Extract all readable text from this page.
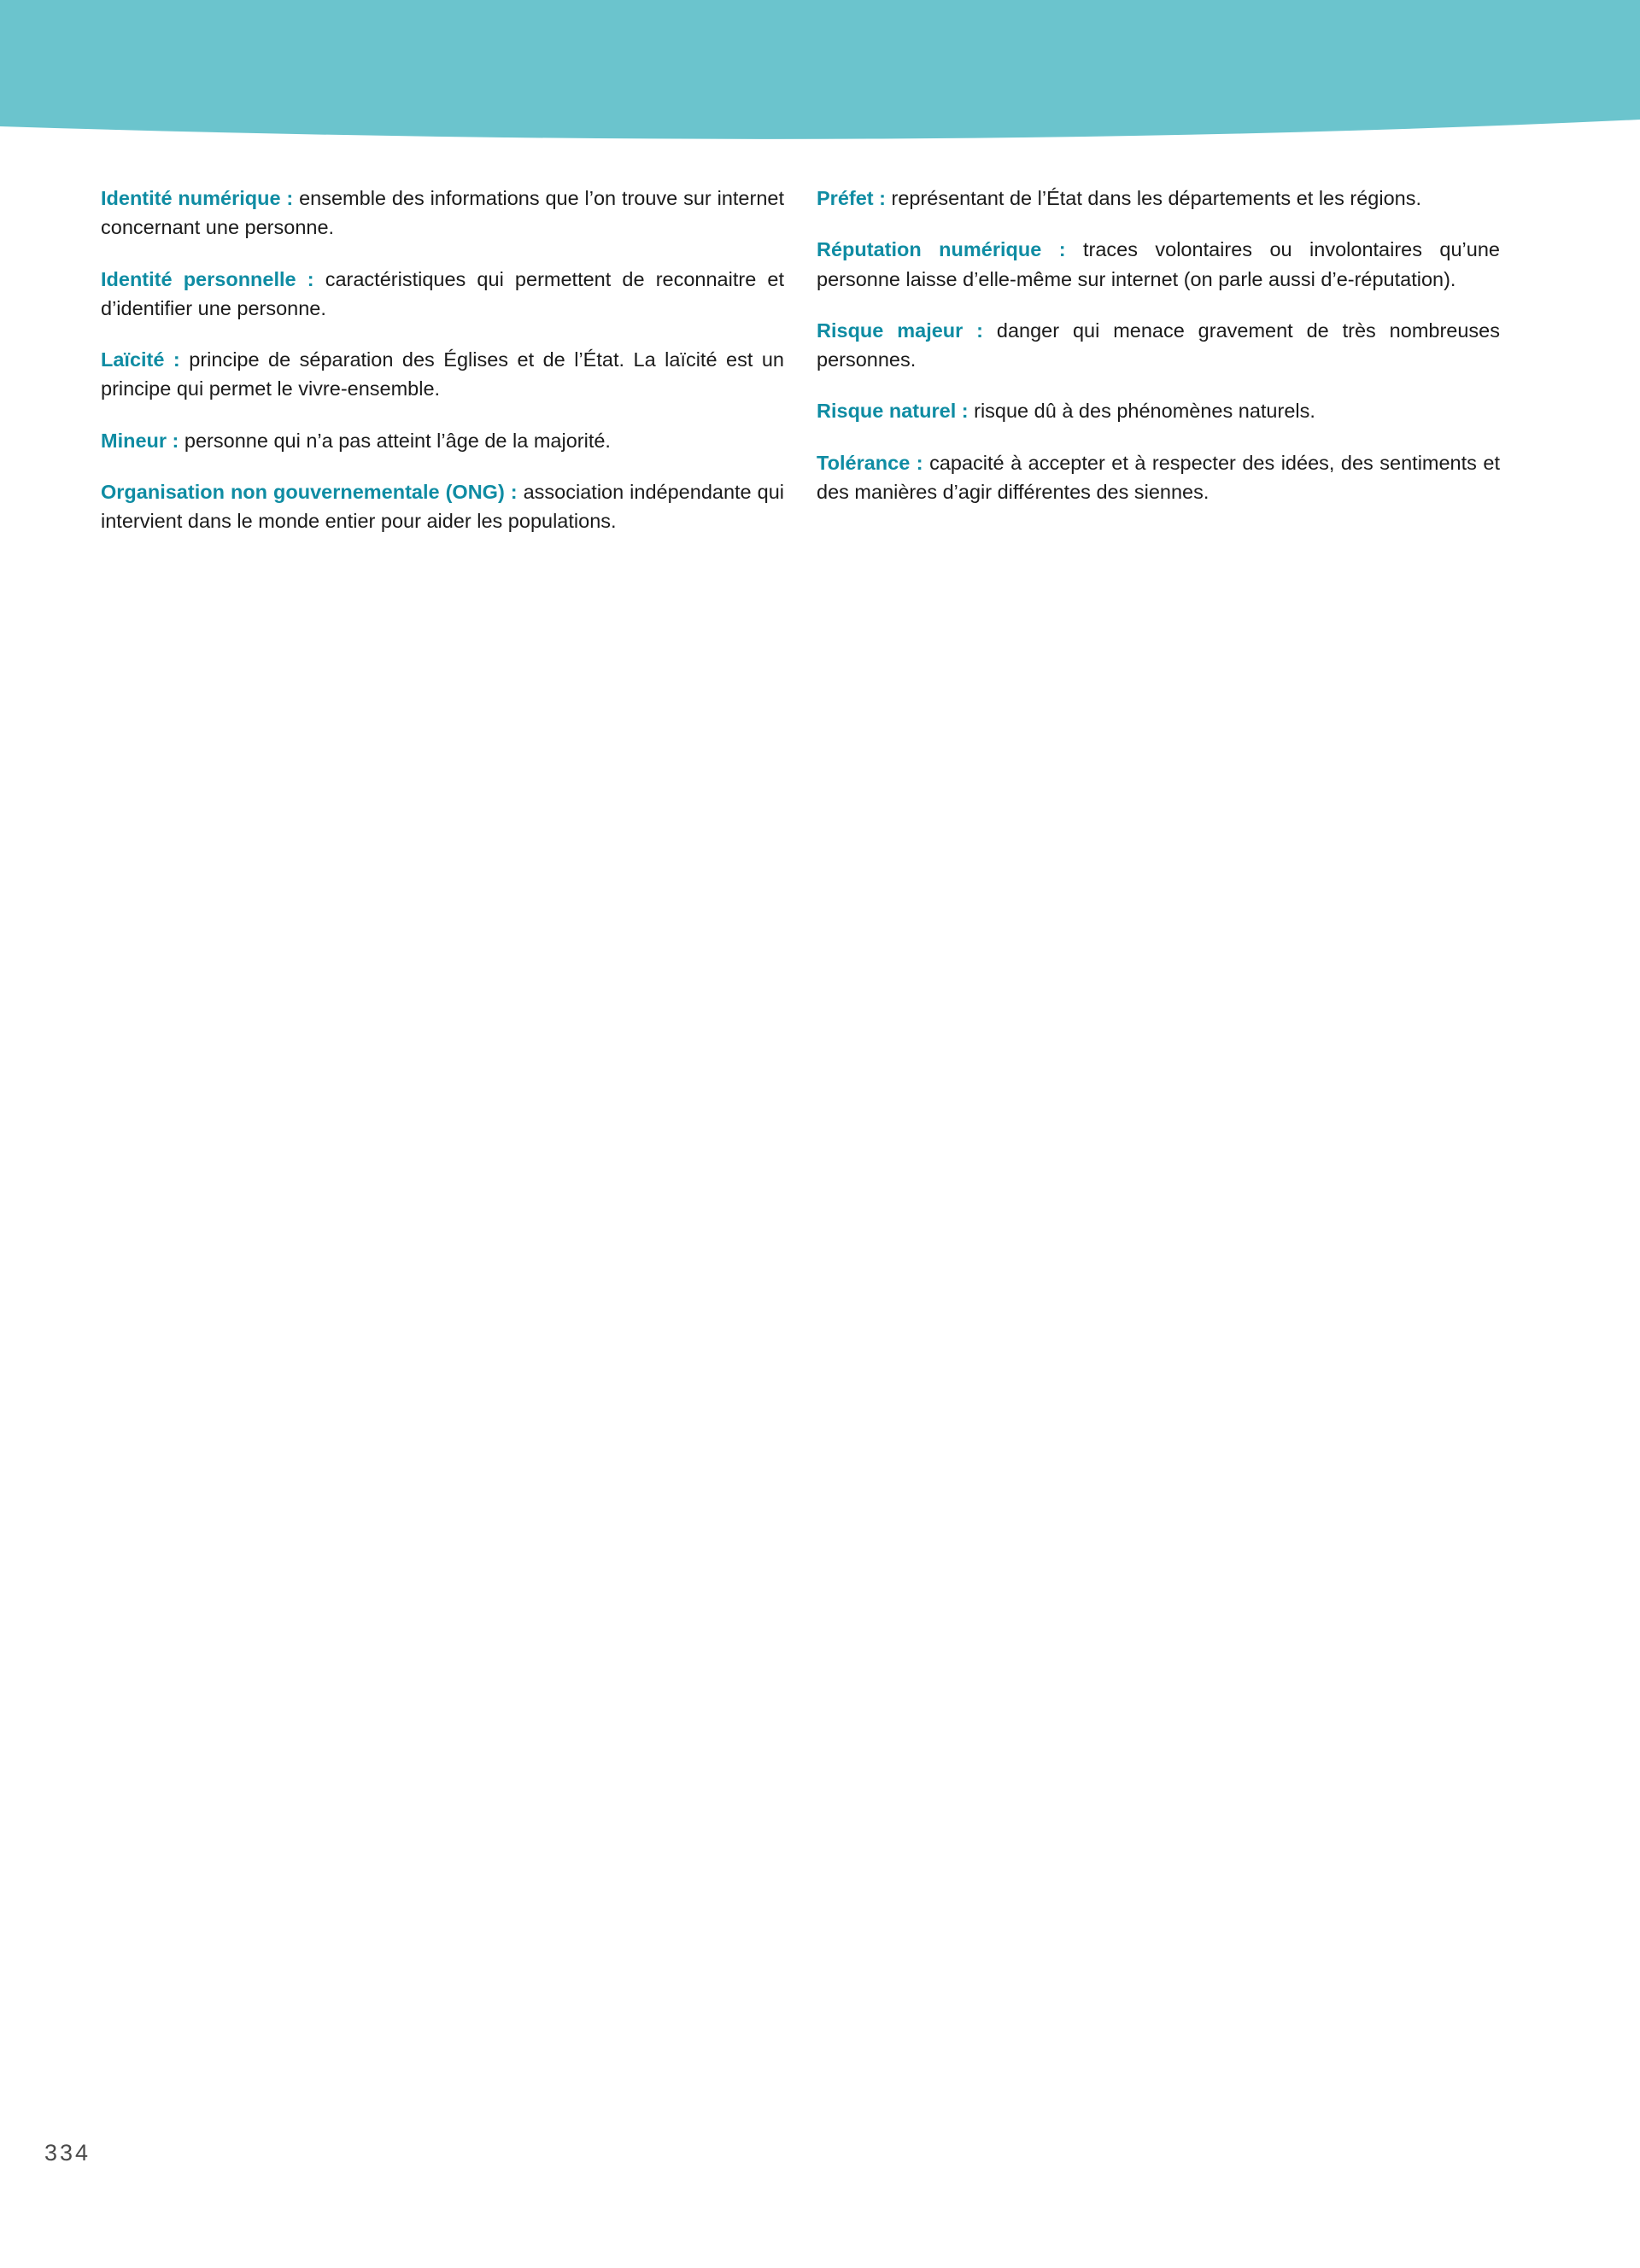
Identité numérique : ensemble des informations que l’on trouve sur internet concernant une personne.

Identité personnelle : caractéristiques qui permettent de reconnaitre et d’identifier une personne.

Laïcité : principe de séparation des Églises et de l’État. La laïcité est un principe qui permet le vivre-ensemble.

Mineur : personne qui n’a pas atteint l’âge de la majorité.

Organisation non gouvernementale (ONG) : association indépendante qui intervient dans le monde entier pour aider les populations.

Préfet : représentant de l’État dans les départements et les régions.

Réputation numérique : traces volontaires ou involontaires qu’une personne laisse d’elle-même sur internet (on parle aussi d’e-réputation).

Risque majeur : danger qui menace gravement de très nombreuses personnes.

Risque naturel : risque dû à des phénomènes naturels.

Tolérance : capacité à accepter et à respecter des idées, des sentiments et des manières d’agir différentes des siennes.

334
